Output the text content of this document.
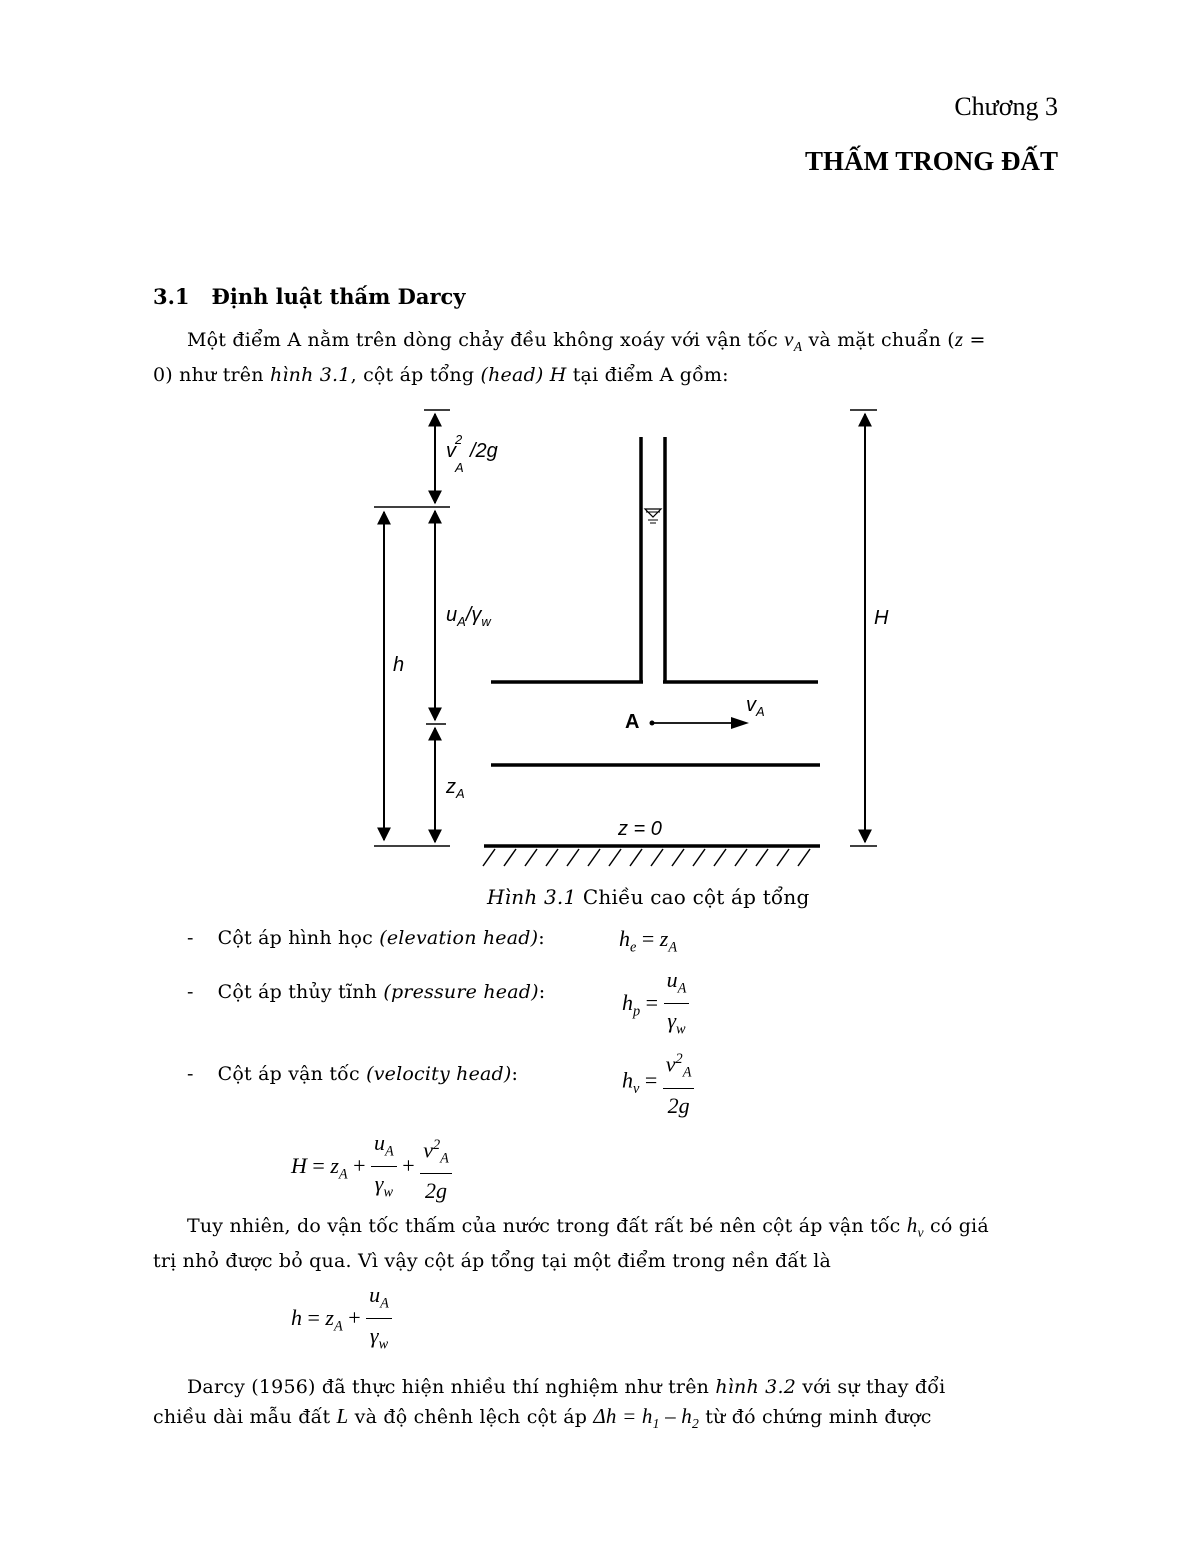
Chương 3
THẤM TRONG ĐẤT
3.1 Định luật thấm Darcy
Một điểm A nằm trên dòng chảy đều không xoáy với vận tốc $v_A$ và mặt chuẩn (z =
0) như trên hình 3.1, cột áp tổng (head) H tại điểm A gồm:
v
2
A
/2g
$u_A/\gamma_w$
h
H
$z_A$
A
$v_A$
z = 0
Hình 3.1 Chiều cao cột áp tổng
- Cột áp hình học (elevation head):	$h_e = z_A$
- Cột áp thủy tĩnh (pressure head):	$h_p = \frac{u_A}{\gamma_w}$
- Cột áp vận tốc (velocity head):	$h_v = \frac{v^2_A}{2g}$
$H = z_A + \frac{u_A}{\gamma_w} + \frac{v^2_A}{2g}$
Tuy nhiên, do vận tốc thấm của nước trong đất rất bé nên cột áp vận tốc $h_v$ có giá
trị nhỏ được bỏ qua. Vì vậy cột áp tổng tại một điểm trong nền đất là
$h = z_A + \frac{u_A}{\gamma_w}$
Darcy (1956) đã thực hiện nhiều thí nghiệm như trên hình 3.2 với sự thay đổi
chiều dài mẫu đất L và độ chênh lệch cột áp $\Delta h = h_1 - h_2$ từ đó chứng minh được
